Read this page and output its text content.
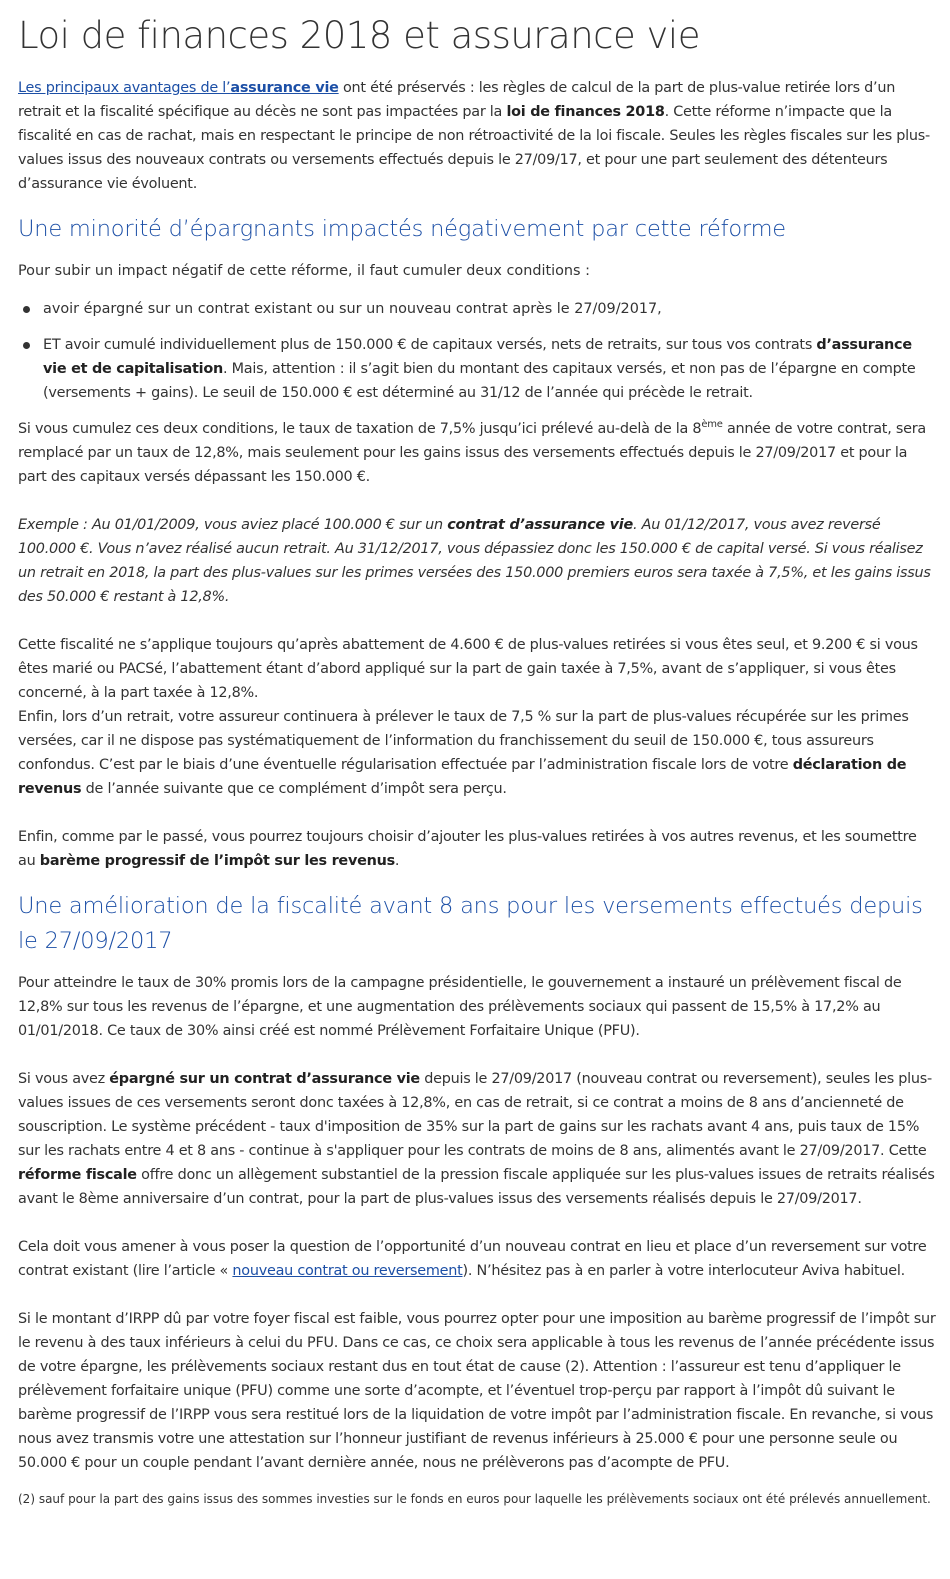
Loi de finances 2018 et assurance vie

Les principaux avantages de l’assurance vie ont été préservés : les règles de calcul de la part de plus-value retirée lors d’un retrait et la fiscalité spécifique au décès ne sont pas impactées par la loi de finances 2018. Cette réforme n’impacte que la fiscalité en cas de rachat, mais en respectant le principe de non rétroactivité de la loi fiscale. Seules les règles fiscales sur les plus-values issus des nouveaux contrats ou versements effectués depuis le 27/09/17, et pour une part seulement des détenteurs d’assurance vie évoluent.

Une minorité d’épargnants impactés négativement par cette réforme

Pour subir un impact négatif de cette réforme, il faut cumuler deux conditions :

avoir épargné sur un contrat existant ou sur un nouveau contrat après le 27/09/2017,
ET avoir cumulé individuellement plus de 150.000 € de capitaux versés, nets de retraits, sur tous vos contrats d’assurance vie et de capitalisation. Mais, attention : il s’agit bien du montant des capitaux versés, et non pas de l’épargne en compte (versements + gains). Le seuil de 150.000 € est déterminé au 31/12 de l’année qui précède le retrait.

Si vous cumulez ces deux conditions, le taux de taxation de 7,5% jusqu’ici prélevé au-delà de la 8ème année de votre contrat, sera remplacé par un taux de 12,8%, mais seulement pour les gains issus des versements effectués depuis le 27/09/2017 et pour la part des capitaux versés dépassant les 150.000 €.

Exemple : Au 01/01/2009, vous aviez placé 100.000 € sur un contrat d’assurance vie. Au 01/12/2017, vous avez reversé 100.000 €. Vous n’avez réalisé aucun retrait. Au 31/12/2017, vous dépassiez donc les 150.000 € de capital versé. Si vous réalisez un retrait en 2018, la part des plus-values sur les primes versées des 150.000 premiers euros sera taxée à 7,5%, et les gains issus des 50.000 € restant à 12,8%.

Cette fiscalité ne s’applique toujours qu’après abattement de 4.600 € de plus-values retirées si vous êtes seul, et 9.200 € si vous êtes marié ou PACSé, l’abattement étant d’abord appliqué sur la part de gain taxée à 7,5%, avant de s’appliquer, si vous êtes concerné, à la part taxée à 12,8%.

Enfin, lors d’un retrait, votre assureur continuera à prélever le taux de 7,5 % sur la part de plus-values récupérée sur les primes versées, car il ne dispose pas systématiquement de l’information du franchissement du seuil de 150.000 €, tous assureurs confondus. C’est par le biais d’une éventuelle régularisation effectuée par l’administration fiscale lors de votre déclaration de revenus de l’année suivante que ce complément d’impôt sera perçu.

Enfin, comme par le passé, vous pourrez toujours choisir d’ajouter les plus-values retirées à vos autres revenus, et les soumettre au barème progressif de l’impôt sur les revenus.

Une amélioration de la fiscalité avant 8 ans pour les versements effectués depuis le 27/09/2017

Pour atteindre le taux de 30% promis lors de la campagne présidentielle, le gouvernement a instauré un prélèvement fiscal de 12,8% sur tous les revenus de l’épargne, et une augmentation des prélèvements sociaux qui passent de 15,5% à 17,2% au 01/01/2018. Ce taux de 30% ainsi créé est nommé Prélèvement Forfaitaire Unique (PFU).

Si vous avez épargné sur un contrat d’assurance vie depuis le 27/09/2017 (nouveau contrat ou reversement), seules les plus-values issues de ces versements seront donc taxées à 12,8%, en cas de retrait, si ce contrat a moins de 8 ans d’ancienneté de souscription. Le système précédent - taux d'imposition de 35% sur la part de gains sur les rachats avant 4 ans, puis taux de 15% sur les rachats entre 4 et 8 ans - continue à s'appliquer pour les contrats de moins de 8 ans, alimentés avant le 27/09/2017. Cette réforme fiscale offre donc un allègement substantiel de la pression fiscale appliquée sur les plus-values issues de retraits réalisés avant le 8ème anniversaire d’un contrat, pour la part de plus-values issus des versements réalisés depuis le 27/09/2017.

Cela doit vous amener à vous poser la question de l’opportunité d’un nouveau contrat en lieu et place d’un reversement sur votre contrat existant (lire l’article « nouveau contrat ou reversement). N’hésitez pas à en parler à votre interlocuteur Aviva habituel.

Si le montant d’IRPP dû par votre foyer fiscal est faible, vous pourrez opter pour une imposition au barème progressif de l’impôt sur le revenu à des taux inférieurs à celui du PFU. Dans ce cas, ce choix sera applicable à tous les revenus de l’année précédente issus de votre épargne, les prélèvements sociaux restant dus en tout état de cause (2). Attention : l’assureur est tenu d’appliquer le prélèvement forfaitaire unique (PFU) comme une sorte d’acompte, et l’éventuel trop-perçu par rapport à l’impôt dû suivant le barème progressif de l’IRPP vous sera restitué lors de la liquidation de votre impôt par l’administration fiscale. En revanche, si vous nous avez transmis votre une attestation sur l’honneur justifiant de revenus inférieurs à 25.000 € pour une personne seule ou 50.000 € pour un couple pendant l’avant dernière année, nous ne prélèverons pas d’acompte de PFU.

(2) sauf pour la part des gains issus des sommes investies sur le fonds en euros pour laquelle les prélèvements sociaux ont été prélevés annuellement.
